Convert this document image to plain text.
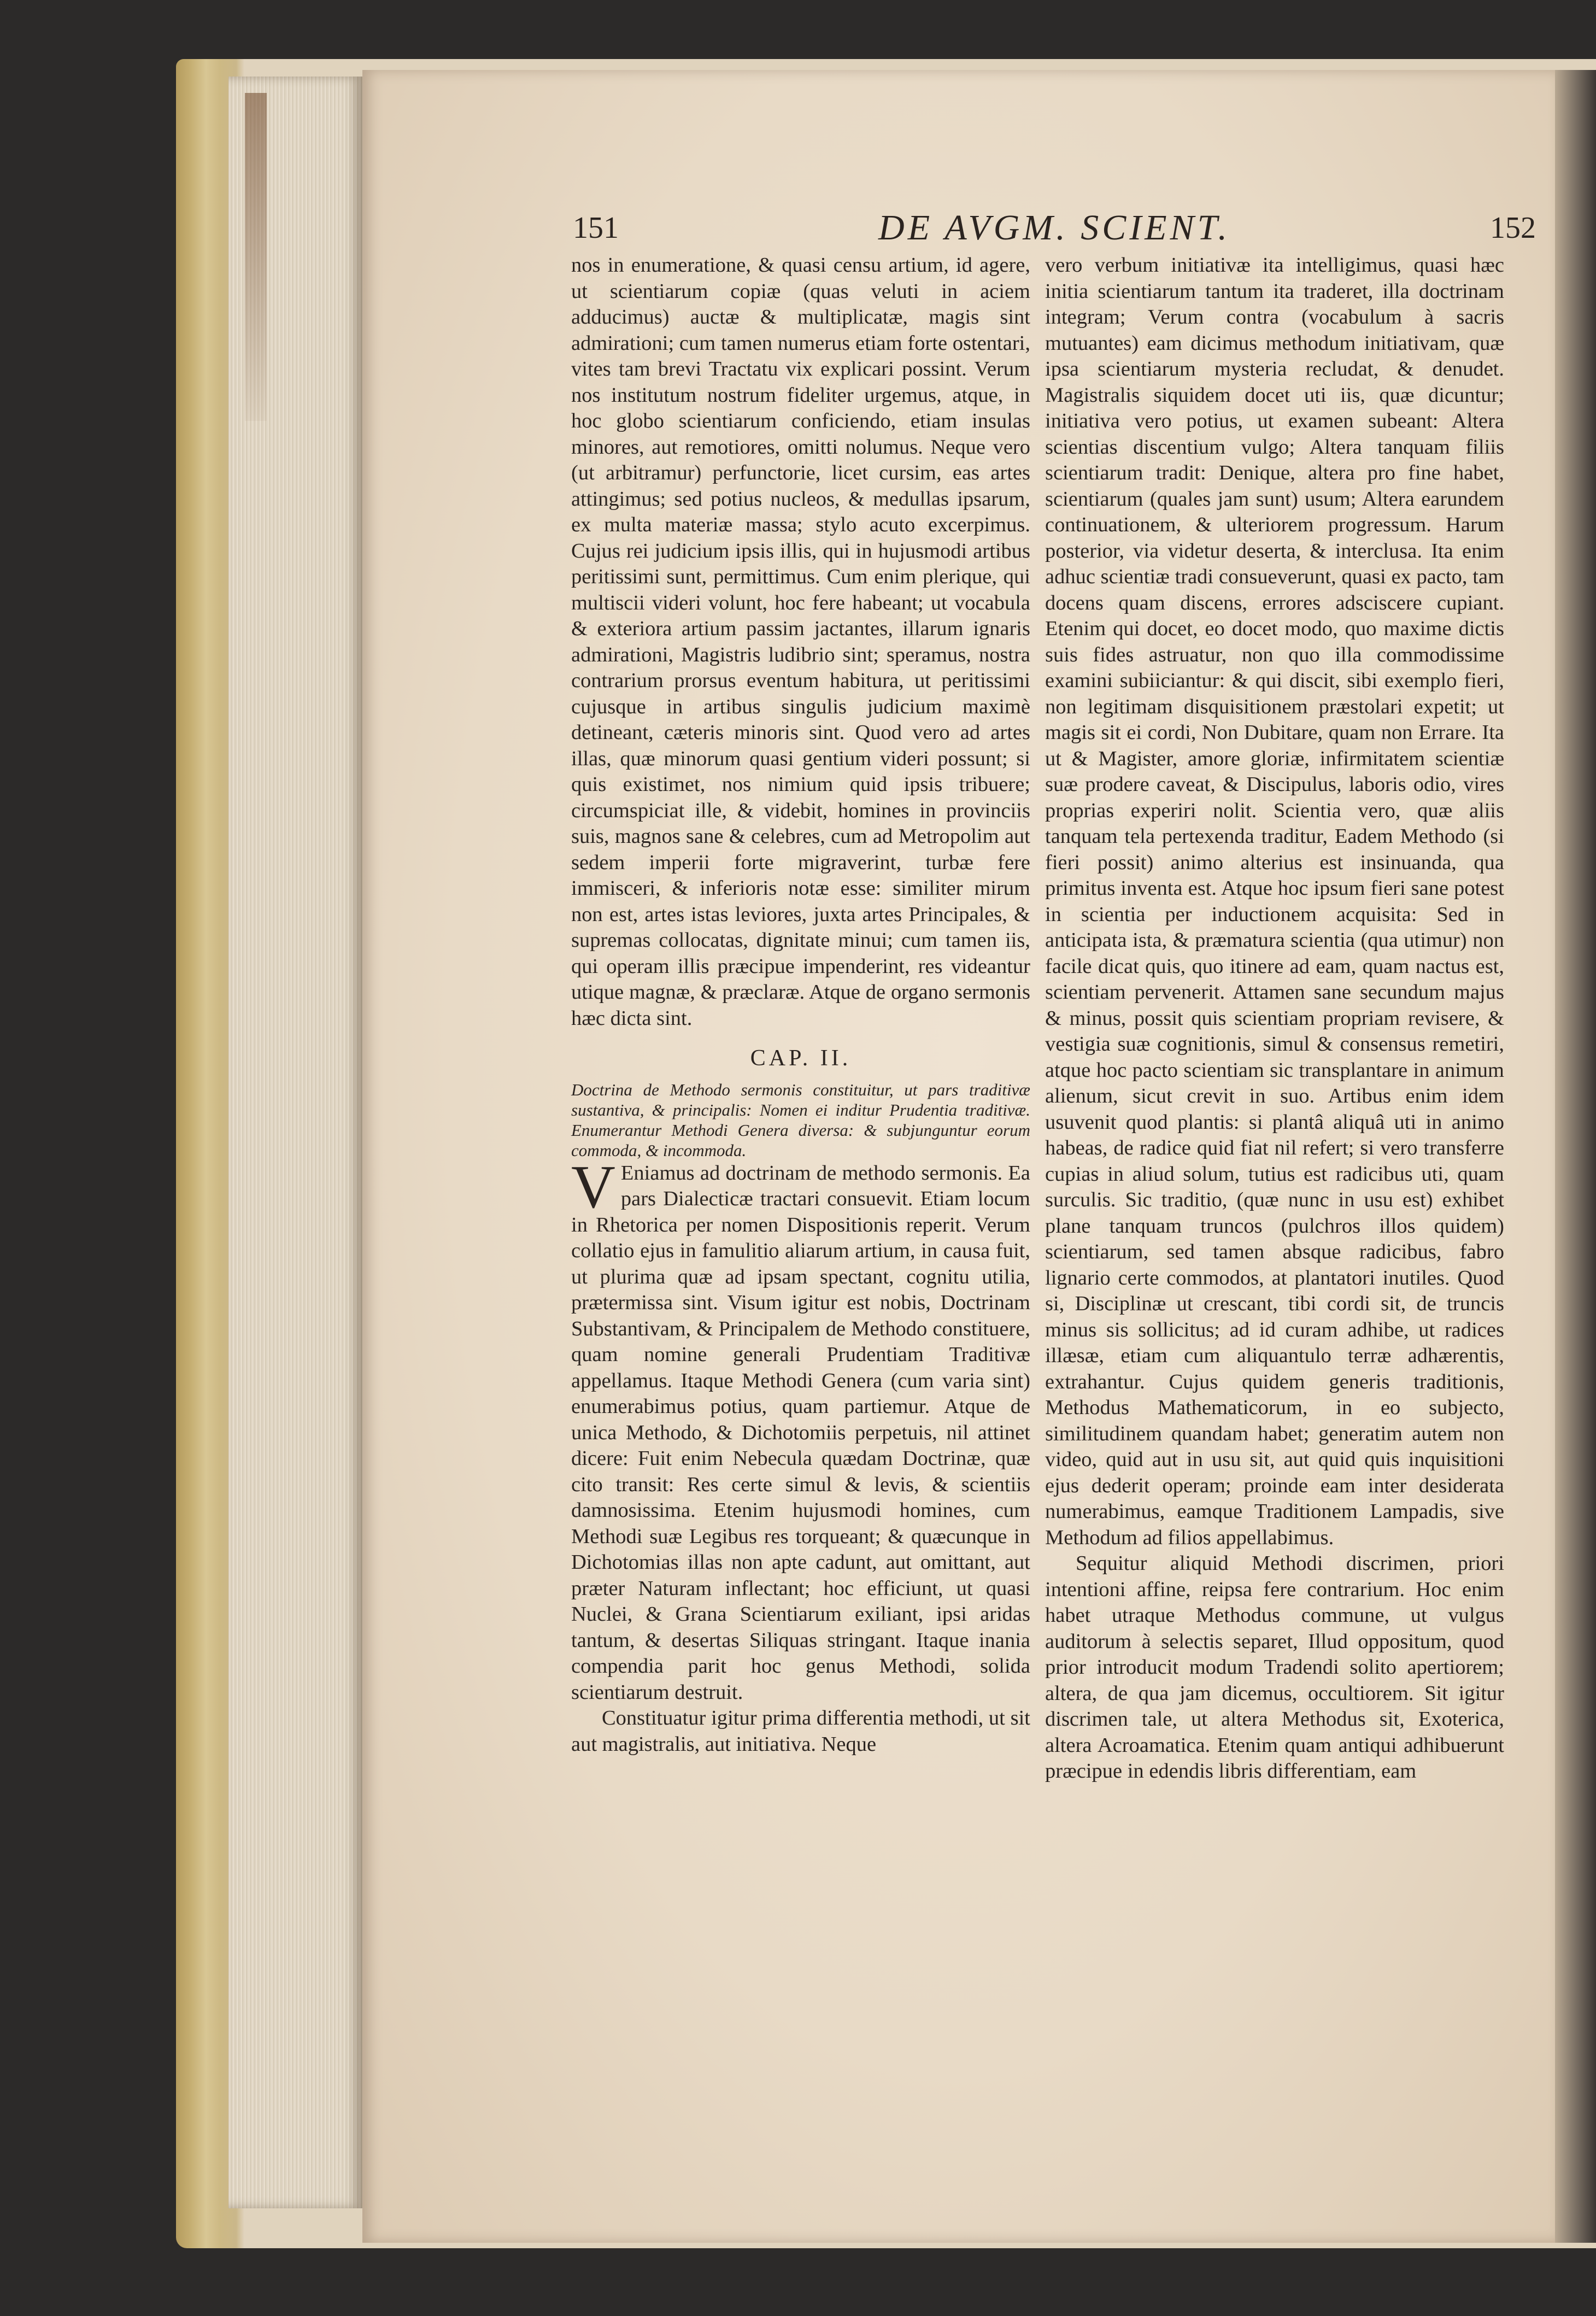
151	DE AVGM. SCIENT.	152

nos in enumeratione, & quasi censu artium, id agere, ut scientiarum copiæ (quas veluti in aciem adducimus) auctæ & multiplicatæ, magis sint admirationi; cum tamen numerus etiam forte ostentari, vites tam brevi Tractatu vix explicari possint. Verum nos institutum nostrum fideliter urgemus, atque, in hoc globo scientiarum conficiendo, etiam insulas minores, aut remotiores, omitti nolumus. Neque vero (ut arbitramur) perfunctorie, licet cursim, eas artes attingimus; sed potius nucleos, & medullas ipsarum, ex multa materiæ massa; stylo acuto excerpimus. Cujus rei judicium ipsis illis, qui in hujusmodi artibus peritissimi sunt, permittimus. Cum enim plerique, qui multiscii videri volunt, hoc fere habeant; ut vocabula & exteriora artium passim jactantes, illarum ignaris admirationi, Magistris ludibrio sint; speramus, nostra contrarium prorsus eventum habitura, ut peritissimi cujusque in artibus singulis judicium maximè detineant, cæteris minoris sint. Quod vero ad artes illas, quæ minorum quasi gentium videri possunt; si quis existimet, nos nimium quid ipsis tribuere; circumspiciat ille, & videbit, homines in provinciis suis, magnos sane & celebres, cum ad Metropolim aut sedem imperii forte migraverint, turbæ fere immisceri, & inferioris notæ esse: similiter mirum non est, artes istas leviores, juxta artes Principales, & supremas collocatas, dignitate minui; cum tamen iis, qui operam illis præcipue impenderint, res videantur utique magnæ, & præclaræ. Atque de organo sermonis hæc dicta sint.

CAP. II.

Doctrina de Methodo sermonis constituitur, ut pars traditivæ sustantiva, & principalis: Nomen ei inditur Prudentia traditivæ. Enumerantur Methodi Genera diversa: & subjunguntur eorum commoda, & incommoda.

V Eniamus ad doctrinam de methodo sermonis. Ea pars Dialecticæ tractari consuevit. Etiam locum in Rhetorica per nomen Dispositionis reperit. Verum collatio ejus in famulitio aliarum artium, in causa fuit, ut plurima quæ ad ipsam spectant, cognitu utilia, prætermissa sint. Visum igitur est nobis, Doctrinam Substantivam, & Principalem de Methodo constituere, quam nomine generali Prudentiam Traditivæ appellamus. Itaque Methodi Genera (cum varia sint) enumerabimus potius, quam partiemur. Atque de unica Methodo, & Dichotomiis perpetuis, nil attinet dicere: Fuit enim Nebecula quædam Doctrinæ, quæ cito transit: Res certe simul & levis, & scientiis damnosissima. Etenim hujusmodi homines, cum Methodi suæ Legibus res torqueant; & quæcunque in Dichotomias illas non apte cadunt, aut omittant, aut præter Naturam inflectant; hoc efficiunt, ut quasi Nuclei, & Grana Scientiarum exiliant, ipsi aridas tantum, & desertas Siliquas stringant. Itaque inania compendia parit hoc genus Methodi, solida scientiarum destruit.

Constituatur igitur prima differentia methodi, ut sit aut magistralis, aut initiativa. Neque

vero verbum initiativæ ita intelligimus, quasi hæc initia scientiarum tantum ita traderet, illa doctrinam integram; Verum contra (vocabulum à sacris mutuantes) eam dicimus methodum initiativam, quæ ipsa scientiarum mysteria recludat, & denudet. Magistralis siquidem docet uti iis, quæ dicuntur; initiativa vero potius, ut examen subeant: Altera scientias discentium vulgo; Altera tanquam filiis scientiarum tradit: Denique, altera pro fine habet, scientiarum (quales jam sunt) usum; Altera earundem continuationem, & ulteriorem progressum. Harum posterior, via videtur deserta, & interclusa. Ita enim adhuc scientiæ tradi consueverunt, quasi ex pacto, tam docens quam discens, errores adsciscere cupiant. Etenim qui docet, eo docet modo, quo maxime dictis suis fides astruatur, non quo illa commodissime examini subiiciantur: & qui discit, sibi exemplo fieri, non legitimam disquisitionem præstolari expetit; ut magis sit ei cordi, Non Dubitare, quam non Errare. Ita ut & Magister, amore gloriæ, infirmitatem scientiæ suæ prodere caveat, & Discipulus, laboris odio, vires proprias experiri nolit. Scientia vero, quæ aliis tanquam tela pertexenda traditur, Eadem Methodo (si fieri possit) animo alterius est insinuanda, qua primitus inventa est. Atque hoc ipsum fieri sane potest in scientia per inductionem acquisita: Sed in anticipata ista, & præmatura scientia (qua utimur) non facile dicat quis, quo itinere ad eam, quam nactus est, scientiam pervenerit. Attamen sane secundum majus & minus, possit quis scientiam propriam revisere, & vestigia suæ cognitionis, simul & consensus remetiri, atque hoc pacto scientiam sic transplantare in animum alienum, sicut crevit in suo. Artibus enim idem usuvenit quod plantis: si plantâ aliquâ uti in animo habeas, de radice quid fiat nil refert; si vero transferre cupias in aliud solum, tutius est radicibus uti, quam surculis. Sic traditio, (quæ nunc in usu est) exhibet plane tanquam truncos (pulchros illos quidem) scientiarum, sed tamen absque radicibus, fabro lignario certe commodos, at plantatori inutiles. Quod si, Disciplinæ ut crescant, tibi cordi sit, de truncis minus sis sollicitus; ad id curam adhibe, ut radices illæsæ, etiam cum aliquantulo terræ adhærentis, extrahantur. Cujus quidem generis traditionis, Methodus Mathematicorum, in eo subjecto, similitudinem quandam habet; generatim autem non video, quid aut in usu sit, aut quid quis inquisitioni ejus dederit operam; proinde eam inter desiderata numerabimus, eamque Traditionem Lampadis, sive Methodum ad filios appellabimus.

Sequitur aliquid Methodi discrimen, priori intentioni affine, reipsa fere contrarium. Hoc enim habet utraque Methodus commune, ut vulgus auditorum à selectis separet, Illud oppositum, quod prior introducit modum Tradendi solito apertiorem; altera, de qua jam dicemus, occultiorem. Sit igitur discrimen tale, ut altera Methodus sit, Exoterica, altera Acroamatica. Etenim quam antiqui adhibuerunt præcipue in edendis libris differentiam, eam
